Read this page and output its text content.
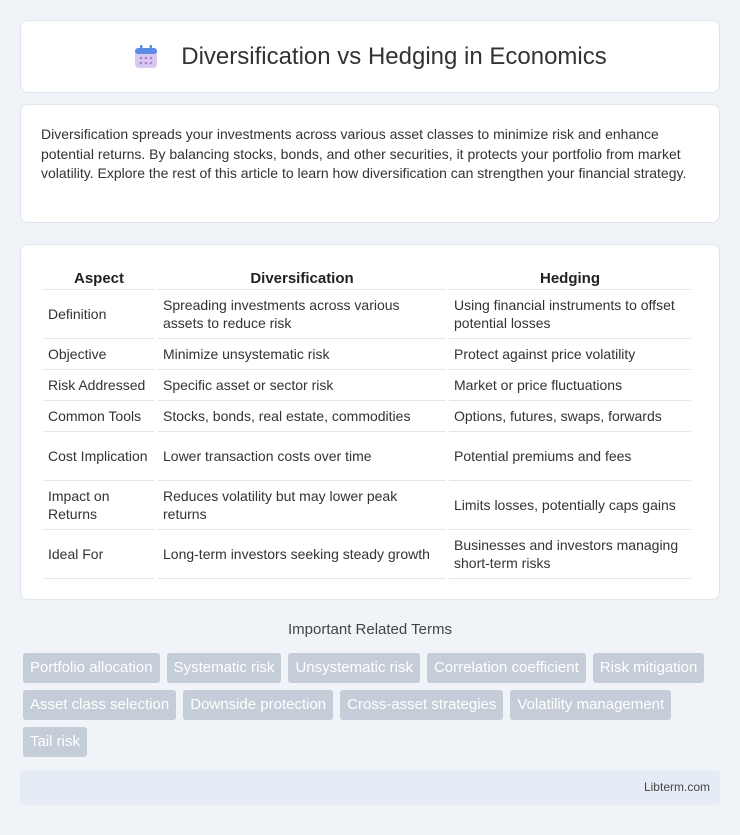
Diversification vs Hedging in Economics

Diversification spreads your investments across various asset classes to minimize risk and enhance potential returns. By balancing stocks, bonds, and other securities, it protects your portfolio from market volatility. Explore the rest of this article to learn how diversification can strengthen your financial strategy.

Aspect	Diversification	Hedging
Definition	Spreading investments across various assets to reduce risk	Using financial instruments to offset potential losses
Objective	Minimize unsystematic risk	Protect against price volatility
Risk Addressed	Specific asset or sector risk	Market or price fluctuations
Common Tools	Stocks, bonds, real estate, commodities	Options, futures, swaps, forwards
Cost Implication	Lower transaction costs over time	Potential premiums and fees
Impact on Returns	Reduces volatility but may lower peak returns	Limits losses, potentially caps gains
Ideal For	Long-term investors seeking steady growth	Businesses and investors managing short-term risks
Important Related Terms
Portfolio allocation	Systematic risk	Unsystematic risk	Correlation coefficient	Risk mitigation
Asset class selection	Downside protection	Cross-asset strategies	Volatility management
Tail risk
Libterm.com
